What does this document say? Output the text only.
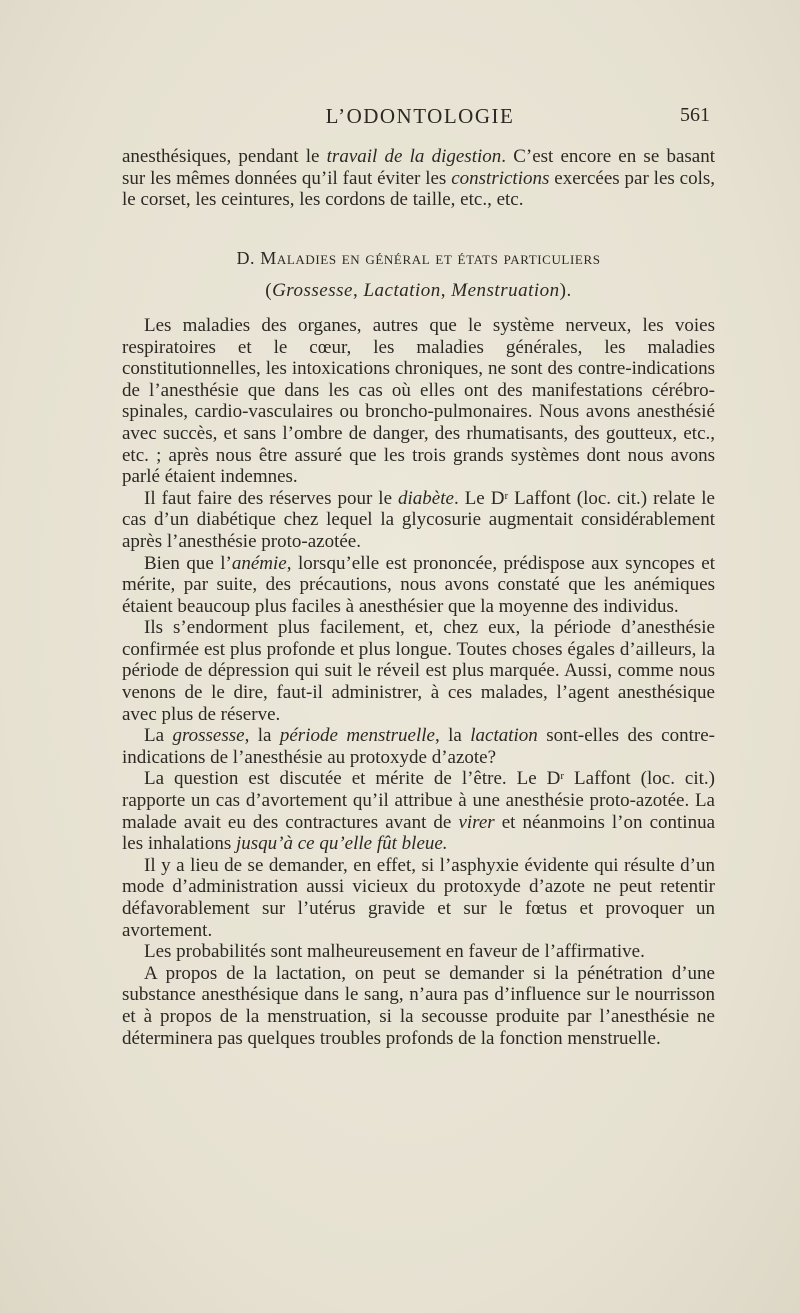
L’ODONTOLOGIE	561

anesthésiques, pendant le travail de la digestion. C’est encore en se basant sur les mêmes données qu’il faut éviter les constrictions exercées par les cols, le corset, les ceintures, les cordons de taille, etc., etc.

D. Maladies en général et états particuliers
(Grossesse, Lactation, Menstruation).

Les maladies des organes, autres que le système nerveux, les voies respiratoires et le cœur, les maladies générales, les maladies constitutionnelles, les intoxications chroniques, ne sont des contre-indications de l’anesthésie que dans les cas où elles ont des manifestations cérébro-spinales, cardio-vasculaires ou broncho-pulmonaires. Nous avons anesthésié avec succès, et sans l’ombre de danger, des rhumatisants, des goutteux, etc., etc. ; après nous être assuré que les trois grands systèmes dont nous avons parlé étaient indemnes.

Il faut faire des réserves pour le diabète. Le $D^r$ Laffont (loc. cit.) relate le cas d’un diabétique chez lequel la glycosurie augmentait considérablement après l’anesthésie proto-azotée.

Bien que l’anémie, lorsqu’elle est prononcée, prédispose aux syncopes et mérite, par suite, des précautions, nous avons constaté que les anémiques étaient beaucoup plus faciles à anesthésier que la moyenne des individus.

Ils s’endorment plus facilement, et, chez eux, la période d’anesthésie confirmée est plus profonde et plus longue. Toutes choses égales d’ailleurs, la période de dépression qui suit le réveil est plus marquée. Aussi, comme nous venons de le dire, faut-il administrer, à ces malades, l’agent anesthésique avec plus de réserve.

La grossesse, la période menstruelle, la lactation sont-elles des contre-indications de l’anesthésie au protoxyde d’azote?

La question est discutée et mérite de l’être. Le $D^r$ Laffont (loc. cit.) rapporte un cas d’avortement qu’il attribue à une anesthésie proto-azotée. La malade avait eu des contractures avant de virer et néanmoins l’on continua les inhalations jusqu’à ce qu’elle fût bleue.

Il y a lieu de se demander, en effet, si l’asphyxie évidente qui résulte d’un mode d’administration aussi vicieux du protoxyde d’azote ne peut retentir défavorablement sur l’utérus gravide et sur le fœtus et provoquer un avortement.

Les probabilités sont malheureusement en faveur de l’affirmative.

A propos de la lactation, on peut se demander si la pénétration d’une substance anesthésique dans le sang, n’aura pas d’influence sur le nourrisson et à propos de la menstruation, si la secousse produite par l’anesthésie ne déterminera pas quelques troubles profonds de la fonction menstruelle.
